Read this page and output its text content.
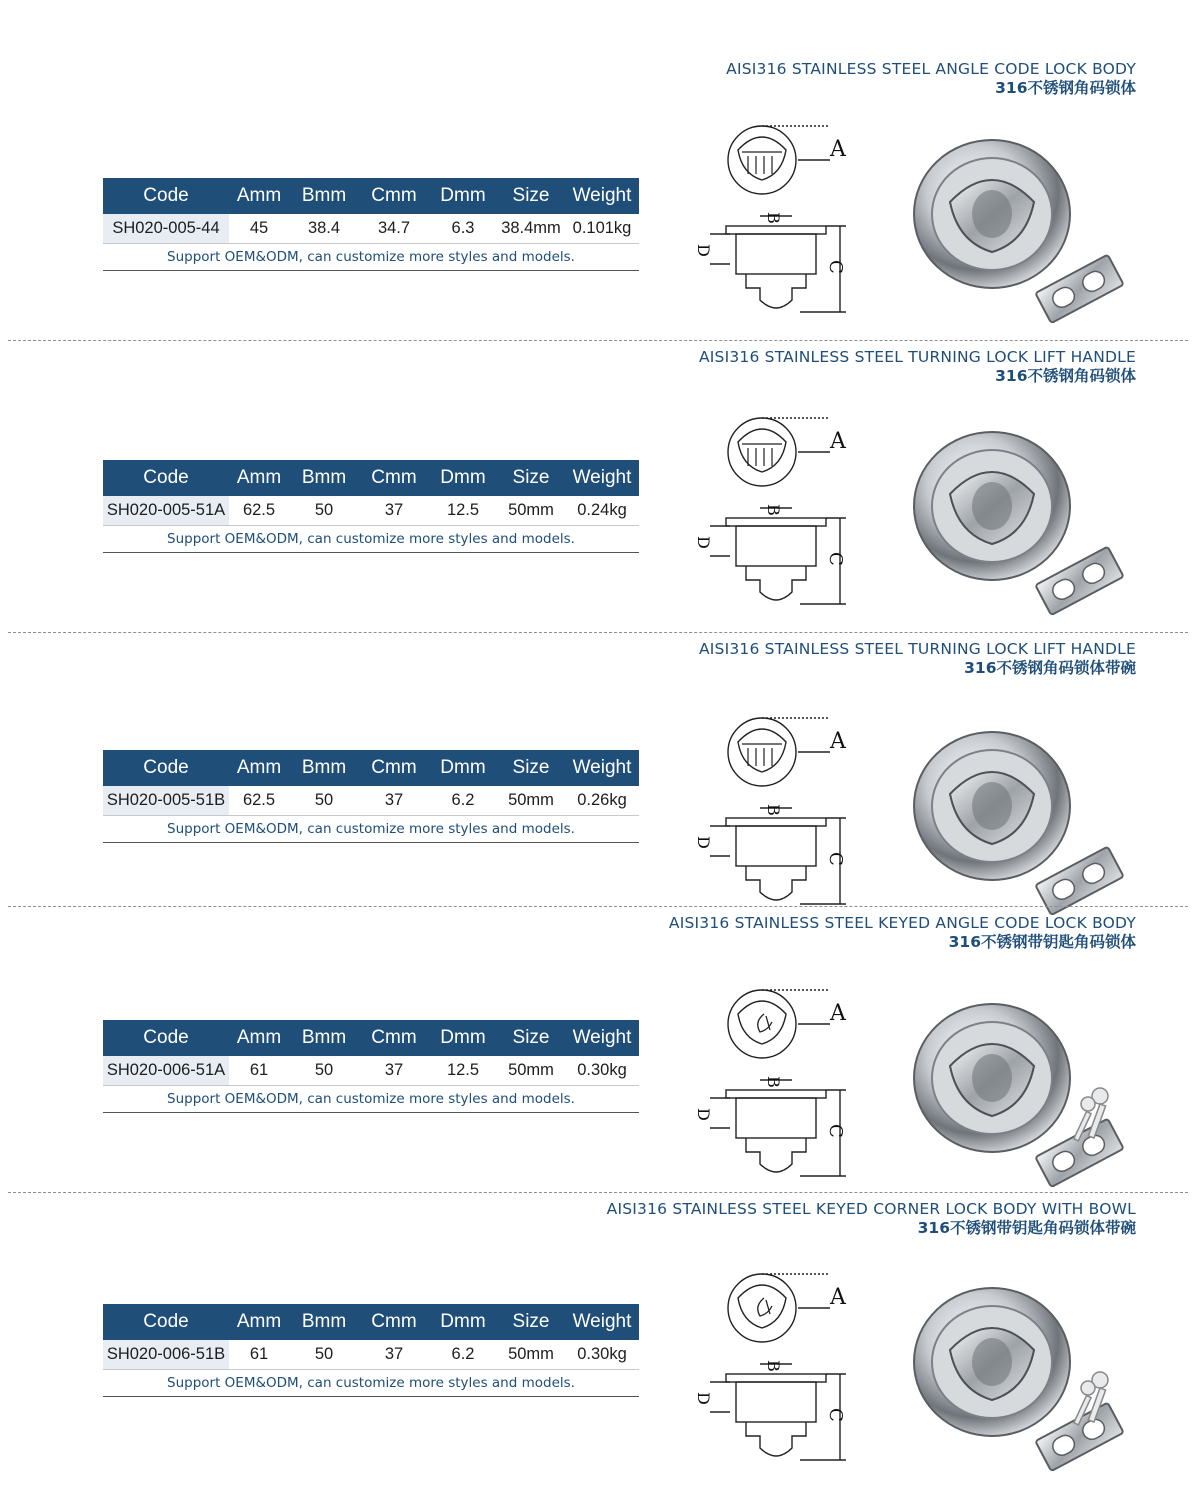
AISI316 STAINLESS STEEL ANGLE CODE LOCK BODY
316不锈钢角码锁体
Code	Amm	Bmm	Cmm	Dmm	Size	Weight
SH020-005-44	45	38.4	34.7	6.3	38.4mm	0.101kg
Support OEM&ODM, can customize more styles and models.						
A
B
C
D
AISI316 STAINLESS STEEL TURNING LOCK LIFT HANDLE
316不锈钢角码锁体
Code	Amm	Bmm	Cmm	Dmm	Size	Weight
SH020-005-51A	62.5	50	37	12.5	50mm	0.24kg
Support OEM&ODM, can customize more styles and models.						
A
B
C
D
AISI316 STAINLESS STEEL TURNING LOCK LIFT HANDLE
316不锈钢角码锁体带碗
Code	Amm	Bmm	Cmm	Dmm	Size	Weight
SH020-005-51B	62.5	50	37	6.2	50mm	0.26kg
Support OEM&ODM, can customize more styles and models.						
A
B
C
D
AISI316 STAINLESS STEEL KEYED ANGLE CODE LOCK BODY
316不锈钢带钥匙角码锁体
Code	Amm	Bmm	Cmm	Dmm	Size	Weight
SH020-006-51A	61	50	37	12.5	50mm	0.30kg
Support OEM&ODM, can customize more styles and models.						
A
B
C
D
AISI316 STAINLESS STEEL KEYED CORNER LOCK BODY WITH BOWL
316不锈钢带钥匙角码锁体带碗
Code	Amm	Bmm	Cmm	Dmm	Size	Weight
SH020-006-51B	61	50	37	6.2	50mm	0.30kg
Support OEM&ODM, can customize more styles and models.						
A
B
C
D
